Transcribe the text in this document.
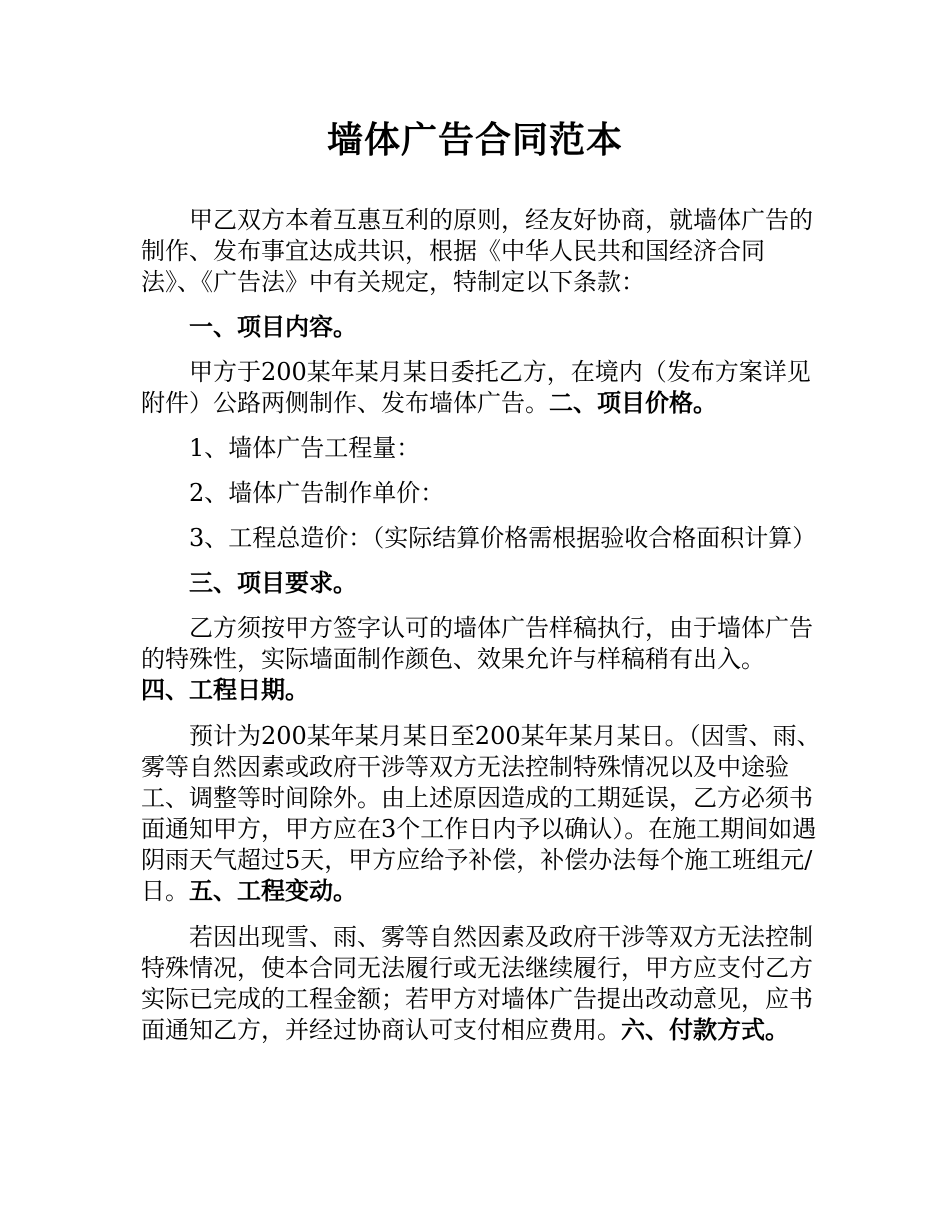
墙体广告合同范本

甲乙双方本着互惠互利的原则，经友好协商，就墙体广告的制作、发布事宜达成共识，根据《中华人民共和国经济合同法》、《广告法》中有关规定，特制定以下条款：

一、项目内容。

甲方于200某年某月某日委托乙方，在境内（发布方案详见附件）公路两侧制作、发布墙体广告。二、项目价格。

1、墙体广告工程量：

2、墙体广告制作单价：

3、工程总造价：（实际结算价格需根据验收合格面积计算）

三、项目要求。

乙方须按甲方签字认可的墙体广告样稿执行，由于墙体广告的特殊性，实际墙面制作颜色、效果允许与样稿稍有出入。

四、工程日期。

预计为200某年某月某日至200某年某月某日。（因雪、雨、雾等自然因素或政府干涉等双方无法控制特殊情况以及中途验工、调整等时间除外。由上述原因造成的工期延误，乙方必须书面通知甲方，甲方应在3个工作日内予以确认）。在施工期间如遇阴雨天气超过5天，甲方应给予补偿，补偿办法每个施工班组元/日。五、工程变动。

若因出现雪、雨、雾等自然因素及政府干涉等双方无法控制特殊情况，使本合同无法履行或无法继续履行，甲方应支付乙方实际已完成的工程金额；若甲方对墙体广告提出改动意见，应书面通知乙方，并经过协商认可支付相应费用。六、付款方式。
